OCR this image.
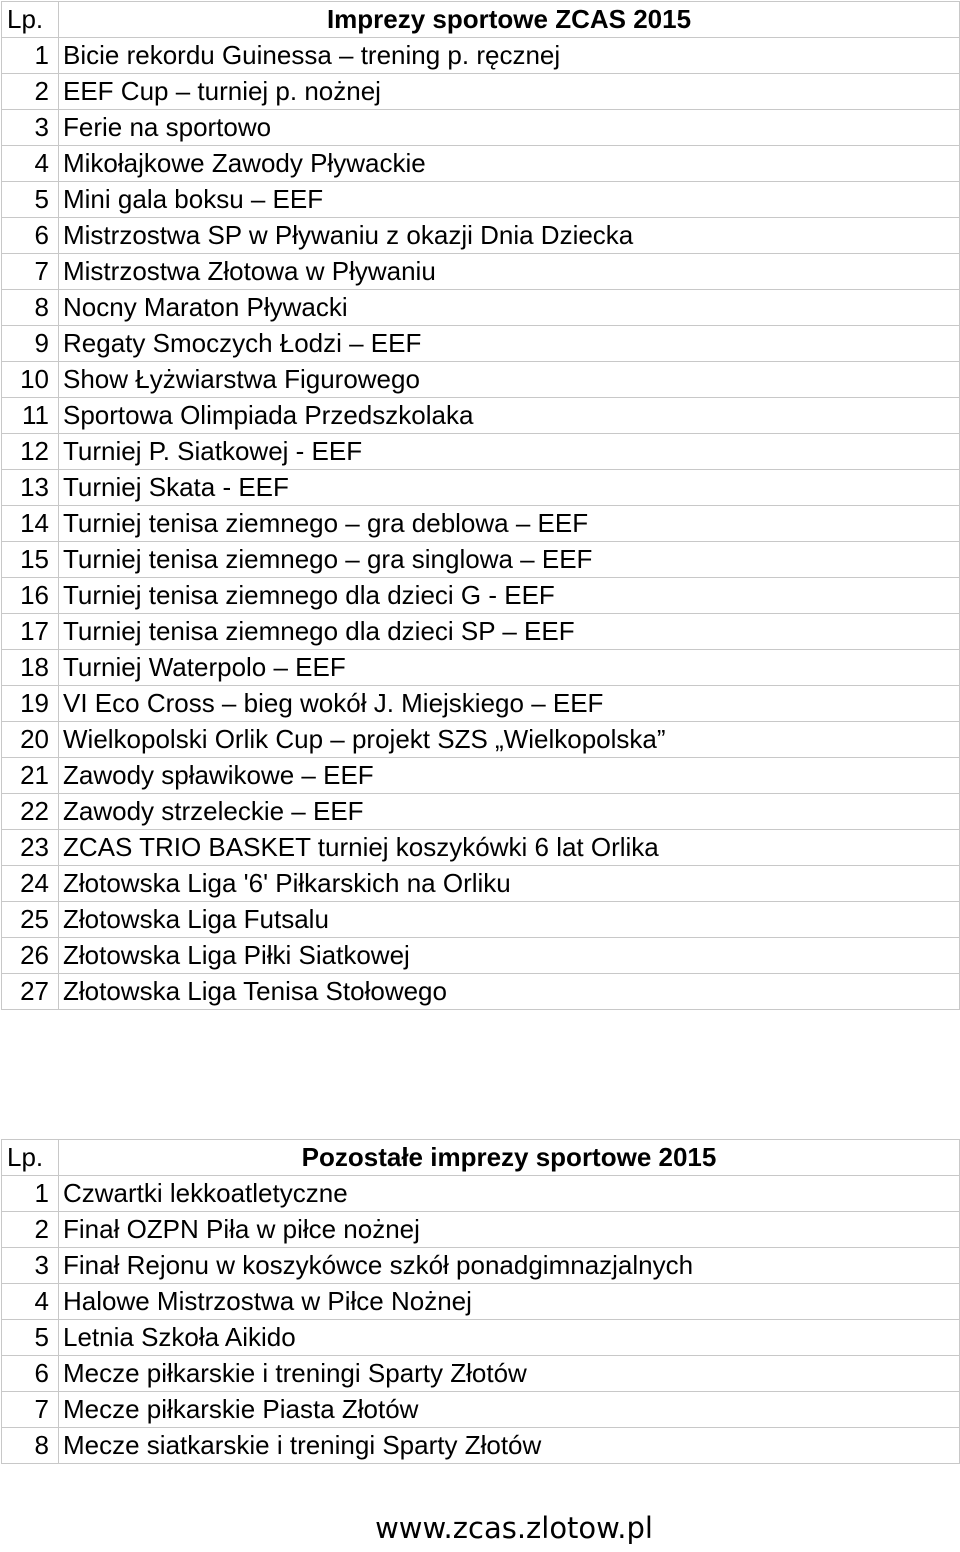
Lp.	Imprezy sportowe ZCAS 2015
1	Bicie rekordu Guinessa – trening p. ręcznej
2	EEF Cup – turniej p. nożnej
3	Ferie na sportowo
4	Mikołajkowe Zawody Pływackie
5	Mini gala boksu – EEF
6	Mistrzostwa SP w Pływaniu z okazji Dnia Dziecka
7	Mistrzostwa Złotowa w Pływaniu
8	Nocny Maraton Pływacki
9	Regaty Smoczych Łodzi – EEF
10	Show Łyżwiarstwa Figurowego
11	Sportowa Olimpiada Przedszkolaka
12	Turniej P. Siatkowej - EEF
13	Turniej Skata - EEF
14	Turniej tenisa ziemnego – gra deblowa – EEF
15	Turniej tenisa ziemnego – gra singlowa – EEF
16	Turniej tenisa ziemnego dla dzieci G - EEF
17	Turniej tenisa ziemnego dla dzieci SP – EEF
18	Turniej Waterpolo – EEF
19	VI Eco Cross – bieg wokół J. Miejskiego – EEF
20	Wielkopolski Orlik Cup – projekt SZS „Wielkopolska”
21	Zawody spławikowe – EEF
22	Zawody strzeleckie – EEF
23	ZCAS TRIO BASKET turniej koszykówki 6 lat Orlika
24	Złotowska Liga '6' Piłkarskich na Orliku
25	Złotowska Liga Futsalu
26	Złotowska Liga Piłki Siatkowej
27	Złotowska Liga Tenisa Stołowego
Lp.	Pozostałe imprezy sportowe 2015
1	Czwartki lekkoatletyczne
2	Finał OZPN Piła w piłce nożnej
3	Finał Rejonu w koszykówce szkół ponadgimnazjalnych
4	Halowe Mistrzostwa w Piłce Nożnej
5	Letnia Szkoła Aikido
6	Mecze piłkarskie i treningi Sparty Złotów
7	Mecze piłkarskie Piasta Złotów
8	Mecze siatkarskie i treningi Sparty Złotów
www.zcas.zlotow.pl
